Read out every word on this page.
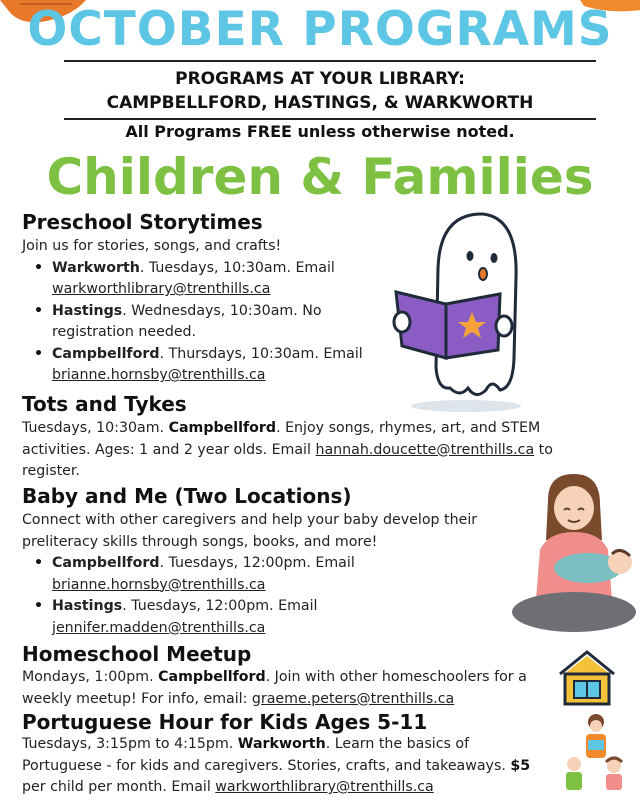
OCTOBER PROGRAMS
PROGRAMS AT YOUR LIBRARY:
CAMPBELLFORD, HASTINGS, & WARKWORTH
All Programs FREE unless otherwise noted.
Children & Families
Preschool Storytimes
Join us for stories, songs, and crafts!
• Warkworth. Tuesdays, 10:30am. Email
warkworthlibrary@trenthills.ca
• Hastings. Wednesdays, 10:30am. No registration needed.
• Campbellford. Thursdays, 10:30am. Email
brianne.hornsby@trenthills.ca
Tots and Tykes
Tuesdays, 10:30am. Campbellford. Enjoy songs, rhymes, art, and STEM activities. Ages: 1 and 2 year olds. Email hannah.doucette@trenthills.ca to register.
Baby and Me (Two Locations)
Connect with other caregivers and help your baby develop their preliteracy skills through songs, books, and more!
• Campbellford. Tuesdays, 12:00pm. Email
brianne.hornsby@trenthills.ca
• Hastings. Tuesdays, 12:00pm. Email
jennifer.madden@trenthills.ca
Homeschool Meetup
Mondays, 1:00pm. Campbellford. Join with other homeschoolers for a weekly meetup! For info, email: graeme.peters@trenthills.ca
Portuguese Hour for Kids Ages 5-11
Tuesdays, 3:15pm to 4:15pm. Warkworth. Learn the basics of Portuguese - for kids and caregivers. Stories, crafts, and takeaways. $5 per child per month. Email warkworthlibrary@trenthills.ca
